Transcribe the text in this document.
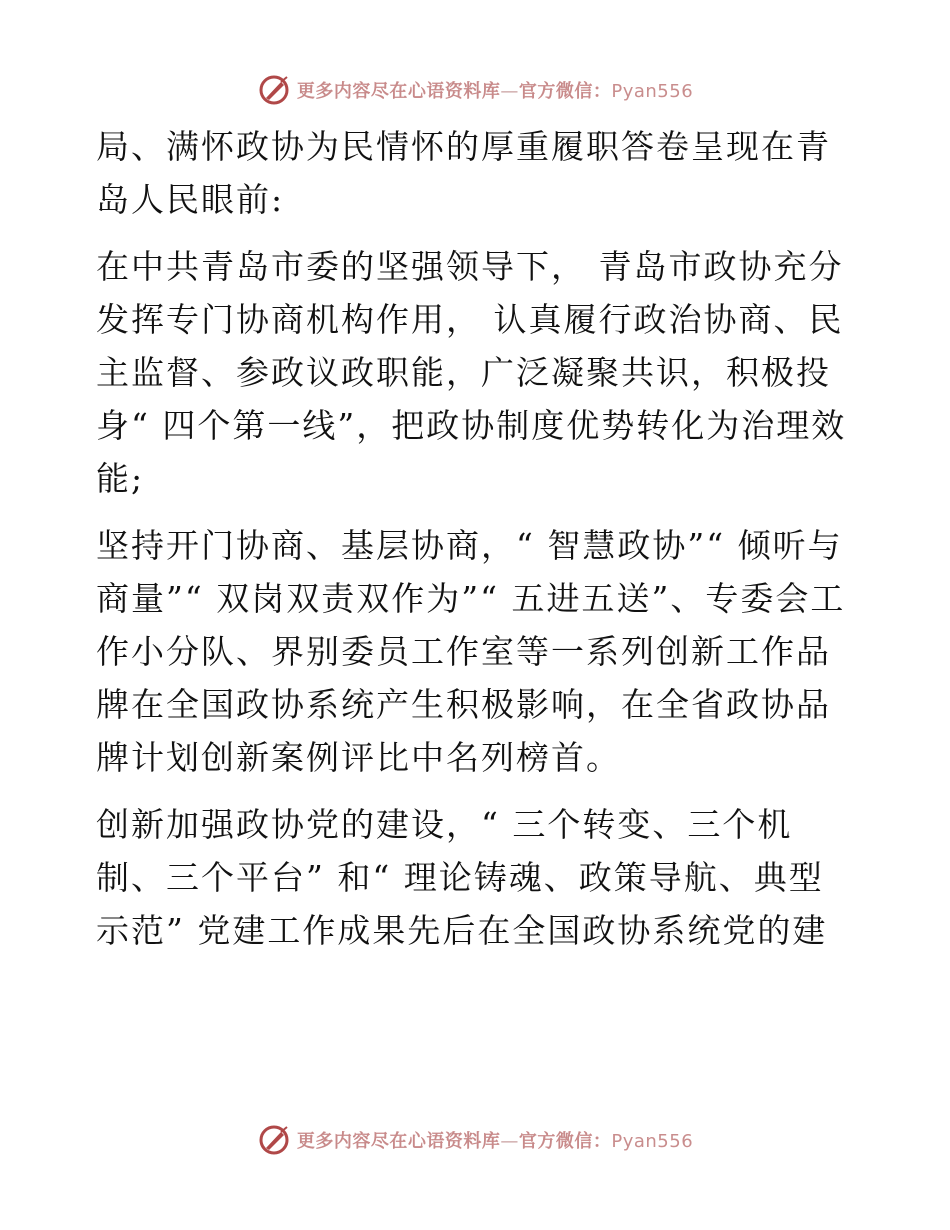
更多内容尽在心语资料库—官方微信：Pyan556

局、满怀政协为民情怀的厚重履职答卷呈现在青岛人民眼前:

在中共青岛市委的坚强领导下， 青岛市政协充分发挥专门协商机构作用， 认真履行政治协商、民主监督、参政议政职能，广泛凝聚共识，积极投身“ 四个第一线”，把政协制度优势转化为治理效能;

坚持开门协商、基层协商，“ 智慧政协”“ 倾听与商量”“ 双岗双责双作为”“ 五进五送”、专委会工作小分队、界别委员工作室等一系列创新工作品牌在全国政协系统产生积极影响，在全省政协品牌计划创新案例评比中名列榜首。

创新加强政协党的建设，“ 三个转变、三个机制、三个平台” 和“ 理论铸魂、政策导航、典型示范” 党建工作成果先后在全国政协系统党的建

更多内容尽在心语资料库—官方微信：Pyan556
